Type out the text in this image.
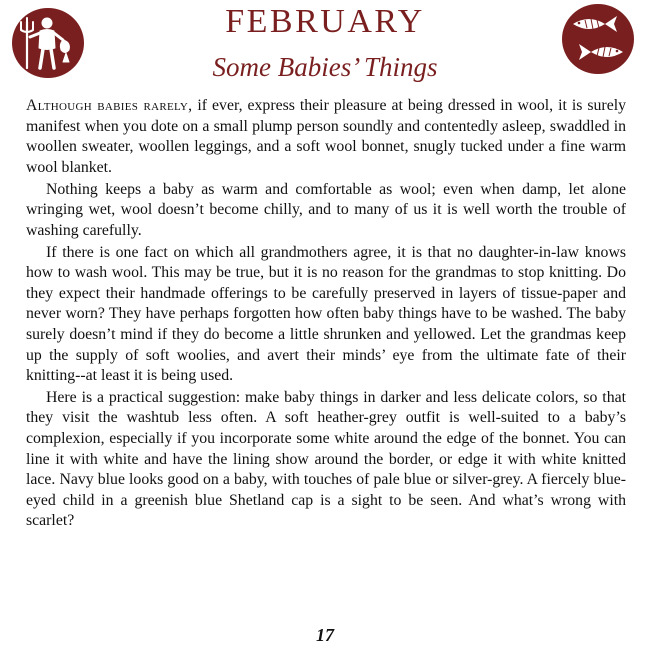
FEBRUARY
Some Babies’ Things

Although babies rarely, if ever, express their pleasure at being dressed in wool, it is surely manifest when you dote on a small plump person soundly and contentedly asleep, swaddled in woollen sweater, woollen leggings, and a soft wool bonnet, snugly tucked under a fine warm wool blanket.

Nothing keeps a baby as warm and comfortable as wool; even when damp, let alone wringing wet, wool doesn’t become chilly, and to many of us it is well worth the trouble of washing carefully.

If there is one fact on which all grandmothers agree, it is that no daughter-in-law knows how to wash wool. This may be true, but it is no reason for the grandmas to stop knitting. Do they expect their handmade offerings to be carefully preserved in layers of tissue-paper and never worn? They have perhaps forgotten how often baby things have to be washed. The baby surely doesn’t mind if they do become a little shrunken and yellowed. Let the grandmas keep up the supply of soft woolies, and avert their minds’ eye from the ultimate fate of their knitting--at least it is being used.

Here is a practical suggestion: make baby things in darker and less delicate colors, so that they visit the washtub less often. A soft heather-grey outfit is well-suited to a baby’s complexion, especially if you incorporate some white around the edge of the bonnet. You can line it with white and have the lining show around the border, or edge it with white knitted lace. Navy blue looks good on a baby, with touches of pale blue or silver-grey. A fiercely blue-eyed child in a greenish blue Shetland cap is a sight to be seen. And what’s wrong with scarlet?

17
